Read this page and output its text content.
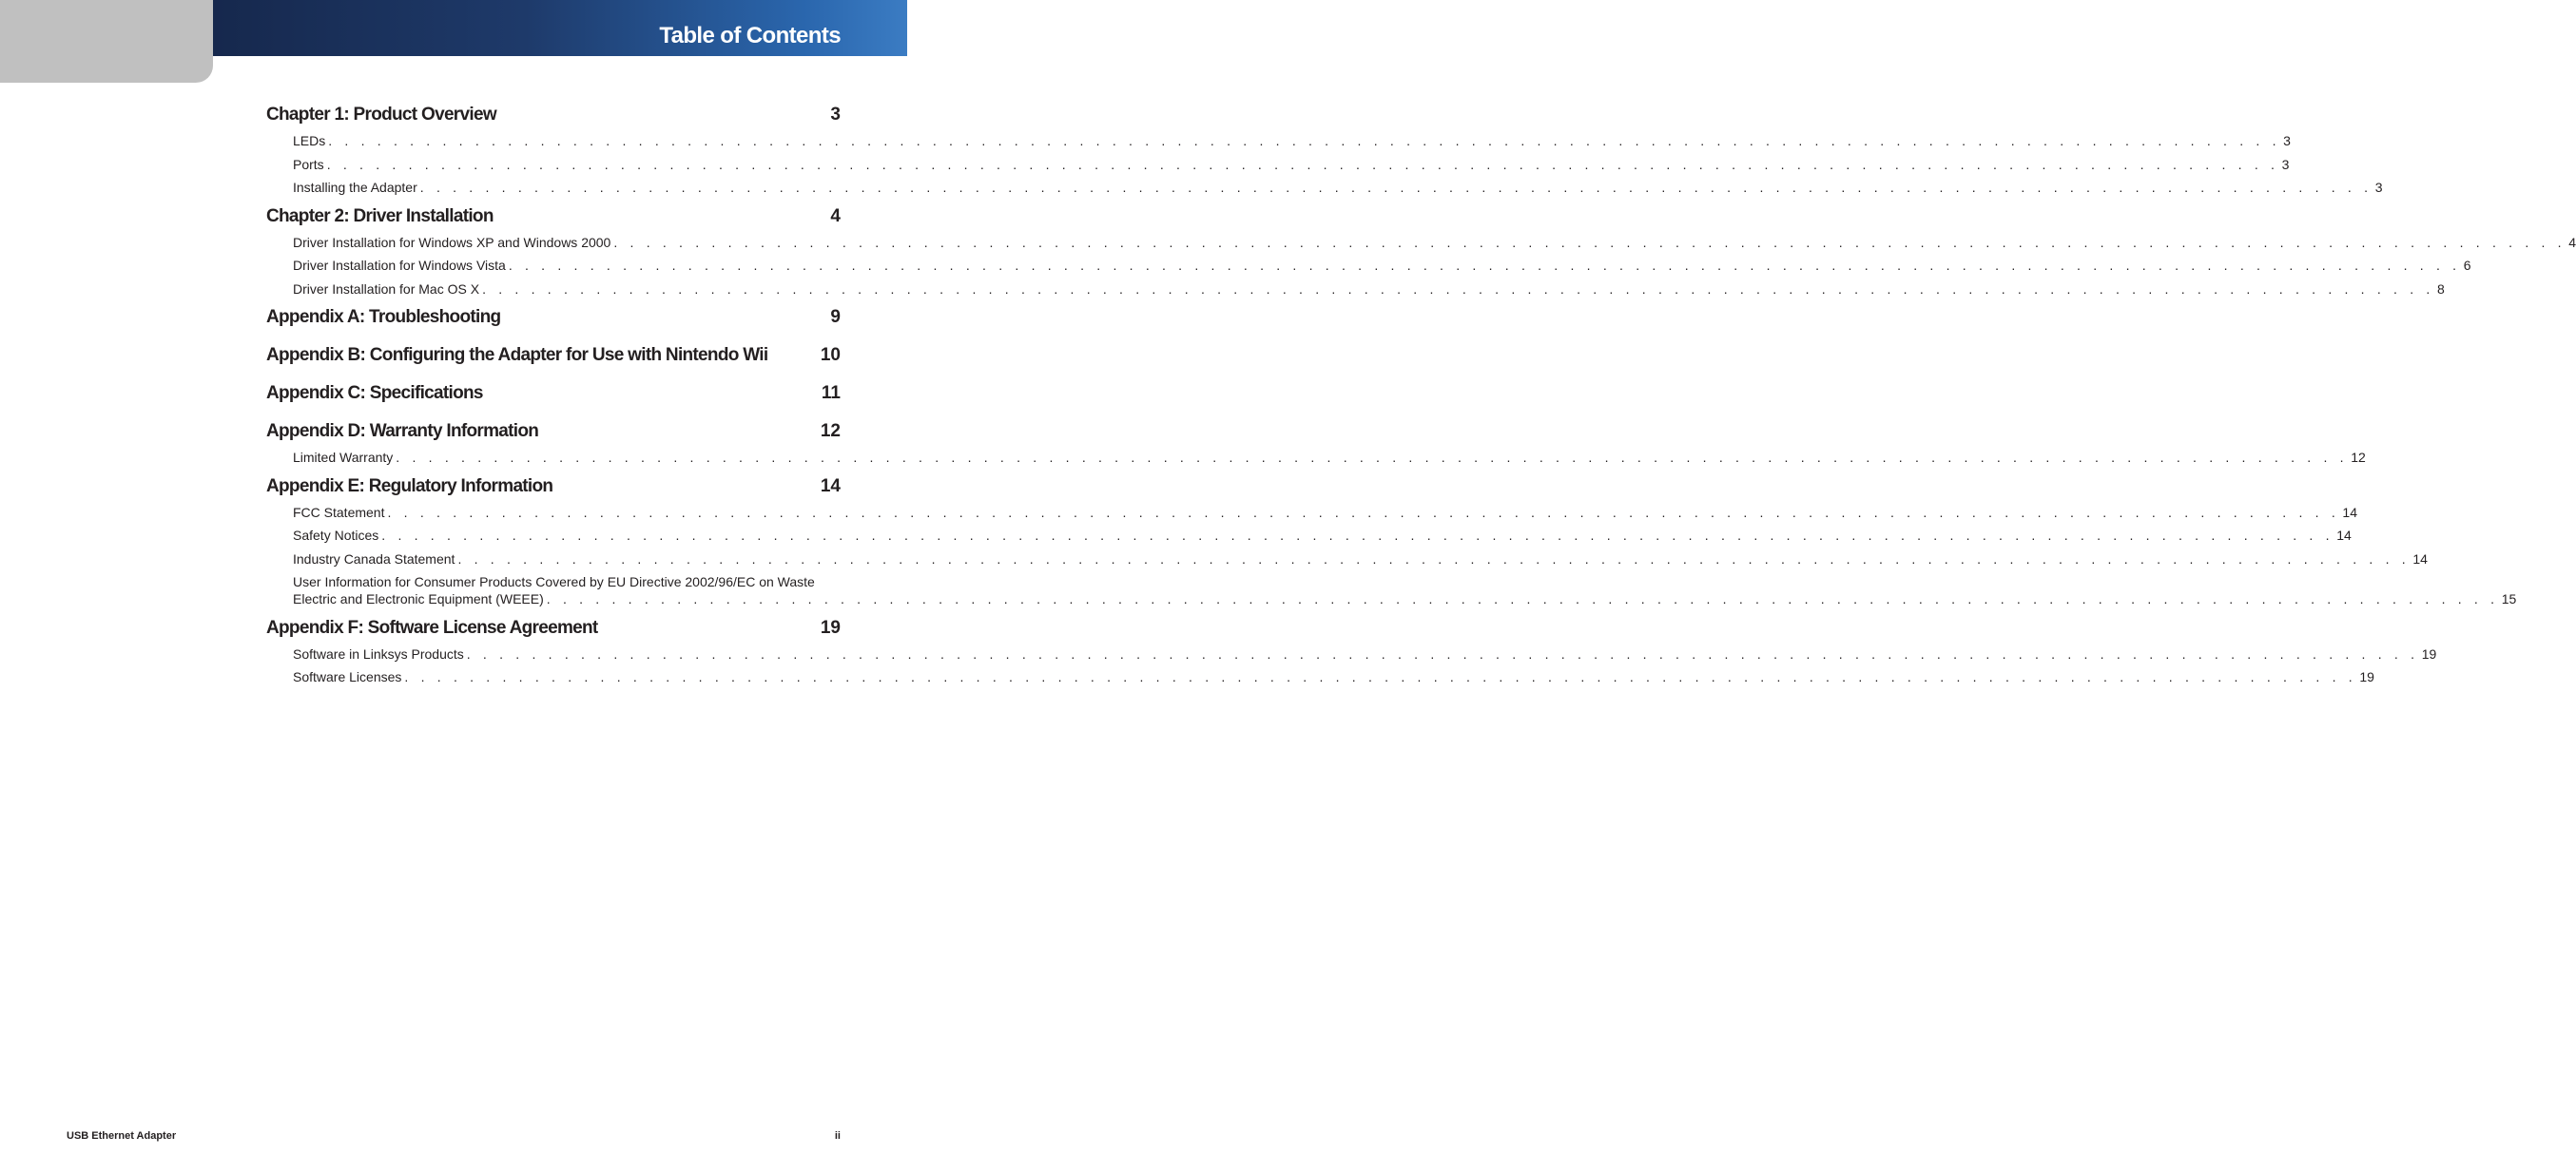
Table of Contents
Chapter 1: Product Overview	3
LEDs . . . . . . . . . . . . . . . . . . . . . . . . . . . . . . . . . . . . . . . . . . . . . . . . . . . . . . . . . . . . . . . . . . . . . . . . . . . . . . . . . . . . . . . . . . . . . . . . . . . . . . . . . . . . . . . . . . . . . . . . 3
Ports . . . . . . . . . . . . . . . . . . . . . . . . . . . . . . . . . . . . . . . . . . . . . . . . . . . . . . . . . . . . . . . . . . . . . . . . . . . . . . . . . . . . . . . . . . . . . . . . . . . . . . . . . . . . . . . . . . . . . . . . 3
Installing the Adapter . . . . . . . . . . . . . . . . . . . . . . . . . . . . . . . . . . . . . . . . . . . . . . . . . . . . . . . . . . . . . . . . . . . . . . . . . . . . . . . . . . . . . . . . . . . . . . . . . . . . . . . . . . . . . . . . . . . . . . . . 3
Chapter 2: Driver Installation	4
Driver Installation for Windows XP and Windows 2000 . . . . . . . . . . . . . . . . . . . . . . . . . . . . . . . . . . . . . . . . . . . . . . . . . . . . . . . . . . . . . . . . . . . . . . . . . . . . . . . . . . . . . . . . . . . . . . . . . . . . . . . . . . . . . . . . . . . . . . . . 4
Driver Installation for Windows Vista . . . . . . . . . . . . . . . . . . . . . . . . . . . . . . . . . . . . . . . . . . . . . . . . . . . . . . . . . . . . . . . . . . . . . . . . . . . . . . . . . . . . . . . . . . . . . . . . . . . . . . . . . . . . . . . . . . . . . . . . 6
Driver Installation for Mac OS X . . . . . . . . . . . . . . . . . . . . . . . . . . . . . . . . . . . . . . . . . . . . . . . . . . . . . . . . . . . . . . . . . . . . . . . . . . . . . . . . . . . . . . . . . . . . . . . . . . . . . . . . . . . . . . . . . . . . . . . . 8
Appendix A: Troubleshooting	9
Appendix B: Configuring the Adapter for Use with Nintendo Wii	10
Appendix C: Specifications	11
Appendix D: Warranty Information	12
Limited Warranty . . . . . . . . . . . . . . . . . . . . . . . . . . . . . . . . . . . . . . . . . . . . . . . . . . . . . . . . . . . . . . . . . . . . . . . . . . . . . . . . . . . . . . . . . . . . . . . . . . . . . . . . . . . . . . . . . . . . . . . . 12
Appendix E: Regulatory Information	14
FCC Statement . . . . . . . . . . . . . . . . . . . . . . . . . . . . . . . . . . . . . . . . . . . . . . . . . . . . . . . . . . . . . . . . . . . . . . . . . . . . . . . . . . . . . . . . . . . . . . . . . . . . . . . . . . . . . . . . . . . . . . . . 14
Safety Notices . . . . . . . . . . . . . . . . . . . . . . . . . . . . . . . . . . . . . . . . . . . . . . . . . . . . . . . . . . . . . . . . . . . . . . . . . . . . . . . . . . . . . . . . . . . . . . . . . . . . . . . . . . . . . . . . . . . . . . . . 14
Industry Canada Statement . . . . . . . . . . . . . . . . . . . . . . . . . . . . . . . . . . . . . . . . . . . . . . . . . . . . . . . . . . . . . . . . . . . . . . . . . . . . . . . . . . . . . . . . . . . . . . . . . . . . . . . . . . . . . . . . . . . . . . . . 14
User Information for Consumer Products Covered by EU Directive 2002/96/EC on Waste
Electric and Electronic Equipment (WEEE) . . . . . . . . . . . . . . . . . . . . . . . . . . . . . . . . . . . . . . . . . . . . . . . . . . . . . . . . . . . . . . . . . . . . . . . . . . . . . . . . . . . . . . . . . . . . . . . . . . . . . . . . . . . . . . . . . . . . . . . . 15
Appendix F: Software License Agreement	19
Software in Linksys Products . . . . . . . . . . . . . . . . . . . . . . . . . . . . . . . . . . . . . . . . . . . . . . . . . . . . . . . . . . . . . . . . . . . . . . . . . . . . . . . . . . . . . . . . . . . . . . . . . . . . . . . . . . . . . . . . . . . . . . . . 19
Software Licenses . . . . . . . . . . . . . . . . . . . . . . . . . . . . . . . . . . . . . . . . . . . . . . . . . . . . . . . . . . . . . . . . . . . . . . . . . . . . . . . . . . . . . . . . . . . . . . . . . . . . . . . . . . . . . . . . . . . . . . . . 19
USB Ethernet Adapter	ii
